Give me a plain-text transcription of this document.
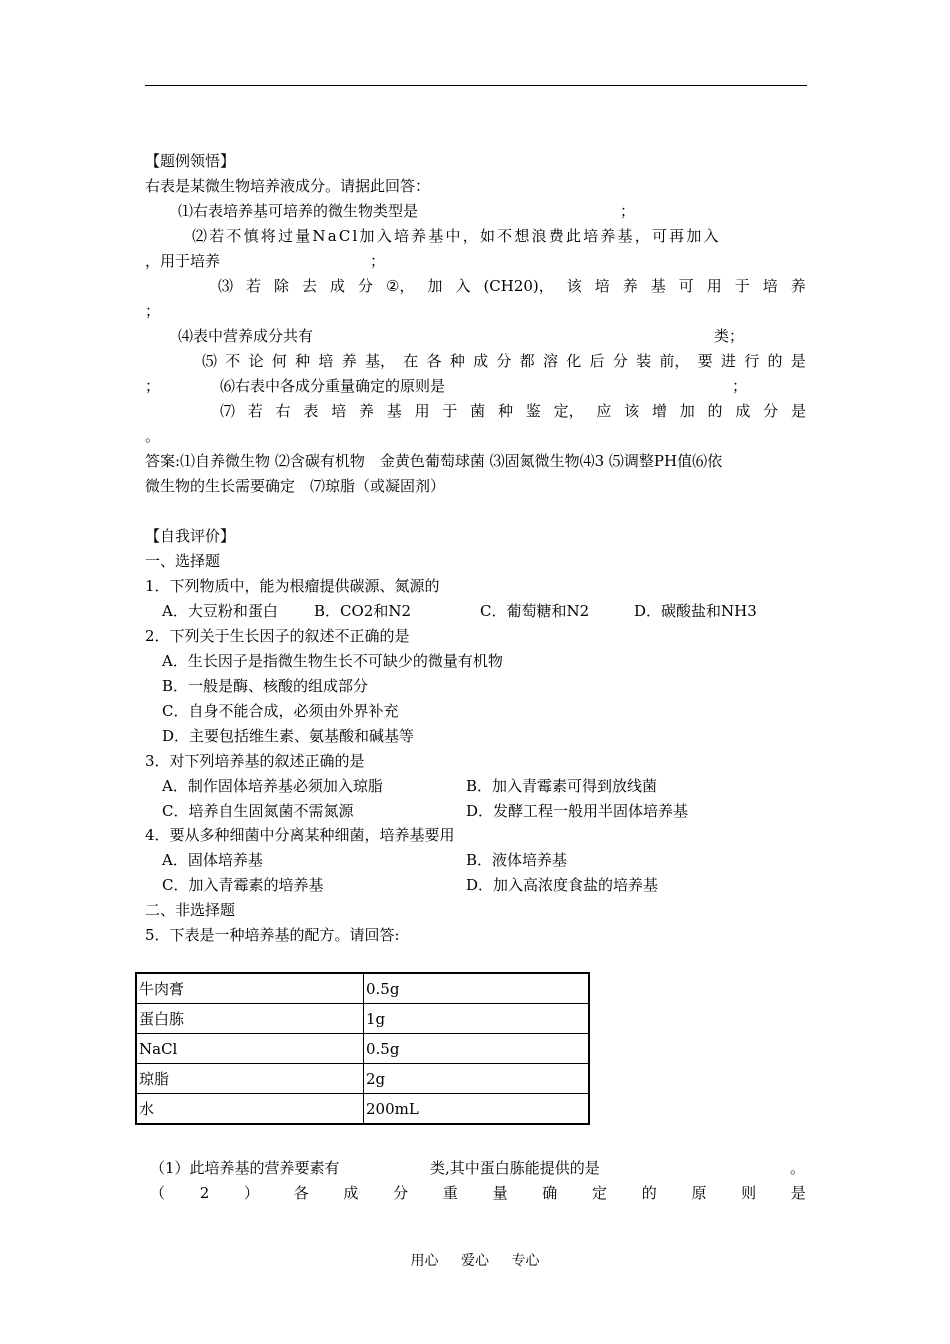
【题例领悟】
右表是某微生物培养液成分。请据此回答：
⑴右表培养基可培养的微生物类型是	；
⑵若不慎将过量NaCl加入培养基中，如不想浪费此培养基，可再加入
，用于培养	；
⑶ 若 除 去 成 分 ②， 加 入 (CH20)， 该 培 养 基 可 用 于 培 养
；
⑷表中营养成分共有	类；
⑸ 不 论 何 种 培 养 基， 在 各 种 成 分 都 溶 化 后 分 装 前， 要 进 行 的 是
；	⑹右表中各成分重量确定的原则是	；
⑺ 若 右 表 培 养 基 用 于 菌 种 鉴 定， 应 该 增 加 的 成 分 是
。
答案:⑴自养微生物 ⑵含碳有机物　金黄色葡萄球菌 ⑶固氮微生物⑷3 ⑸调整PH值⑹依
微生物的生长需要确定　⑺琼脂（或凝固剂）
【自我评价】
一、选择题
1．下列物质中，能为根瘤提供碳源、氮源的
A．大豆粉和蛋白 B．CO2和N2	C．葡萄糖和N2	D．碳酸盐和NH3
2．下列关于生长因子的叙述不正确的是
A．生长因子是指微生物生长不可缺少的微量有机物
B．一般是酶、核酸的组成部分
C．自身不能合成，必须由外界补充
D．主要包括维生素、氨基酸和碱基等
3．对下列培养基的叙述正确的是
A．制作固体培养基必须加入琼脂	B．加入青霉素可得到放线菌
C．培养自生固氮菌不需氮源	D．发酵工程一般用半固体培养基
4．要从多种细菌中分离某种细菌，培养基要用
A．固体培养基	B．液体培养基
C．加入青霉素的培养基	D．加入高浓度食盐的培养基
二、非选择题
5．下表是一种培养基的配方。请回答:
牛肉膏	0.5g
蛋白胨	1g
NaCl	0.5g
琼脂	2g
水	200mL
（1）此培养基的营养要素有	类,其中蛋白胨能提供的是	。
（ 2 ） 各 成 分 重 量 确 定 的 原 则 是
用心 爱心 专心
